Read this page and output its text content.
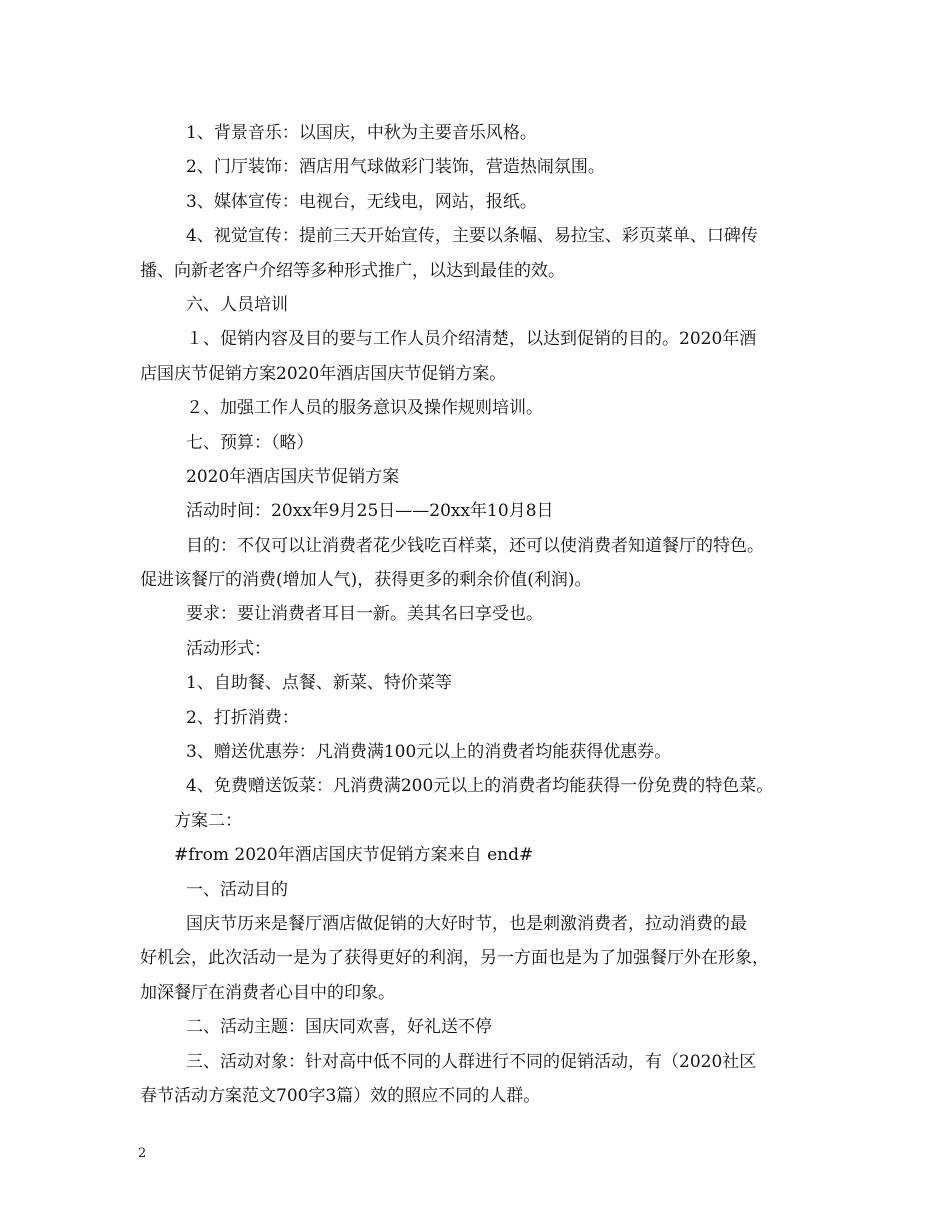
1、背景音乐：以国庆，中秋为主要音乐风格。
2、门厅装饰：酒店用气球做彩门装饰，营造热闹氛围。
3、媒体宣传：电视台，无线电，网站，报纸。
4、视觉宣传：提前三天开始宣传，主要以条幅、易拉宝、彩页菜单、口碑传
播、向新老客户介绍等多种形式推广，以达到最佳的效。
六、人员培训
１、促销内容及目的要与工作人员介绍清楚，以达到促销的目的。2020年酒
店国庆节促销方案2020年酒店国庆节促销方案。
２、加强工作人员的服务意识及操作规则培训。
七、预算：（略）
2020年酒店国庆节促销方案
活动时间：20xx年9月25日——20xx年10月8日
目的：不仅可以让消费者花少钱吃百样菜，还可以使消费者知道餐厅的特色。
促进该餐厅的消费(增加人气)，获得更多的剩余价值(利润)。
要求：要让消费者耳目一新。美其名曰享受也。
活动形式：
1、自助餐、点餐、新菜、特价菜等
2、打折消费：
3、赠送优惠券：凡消费满100元以上的消费者均能获得优惠券。
4、免费赠送饭菜：凡消费满200元以上的消费者均能获得一份免费的特色菜。
方案二：
#from 2020年酒店国庆节促销方案来自 end#
一、活动目的
国庆节历来是餐厅酒店做促销的大好时节，也是刺激消费者，拉动消费的最
好机会，此次活动一是为了获得更好的利润，另一方面也是为了加强餐厅外在形象，
加深餐厅在消费者心目中的印象。
二、活动主题：国庆同欢喜，好礼送不停
三、活动对象：针对高中低不同的人群进行不同的促销活动，有（2020社区
春节活动方案范文700字3篇）效的照应不同的人群。
2
